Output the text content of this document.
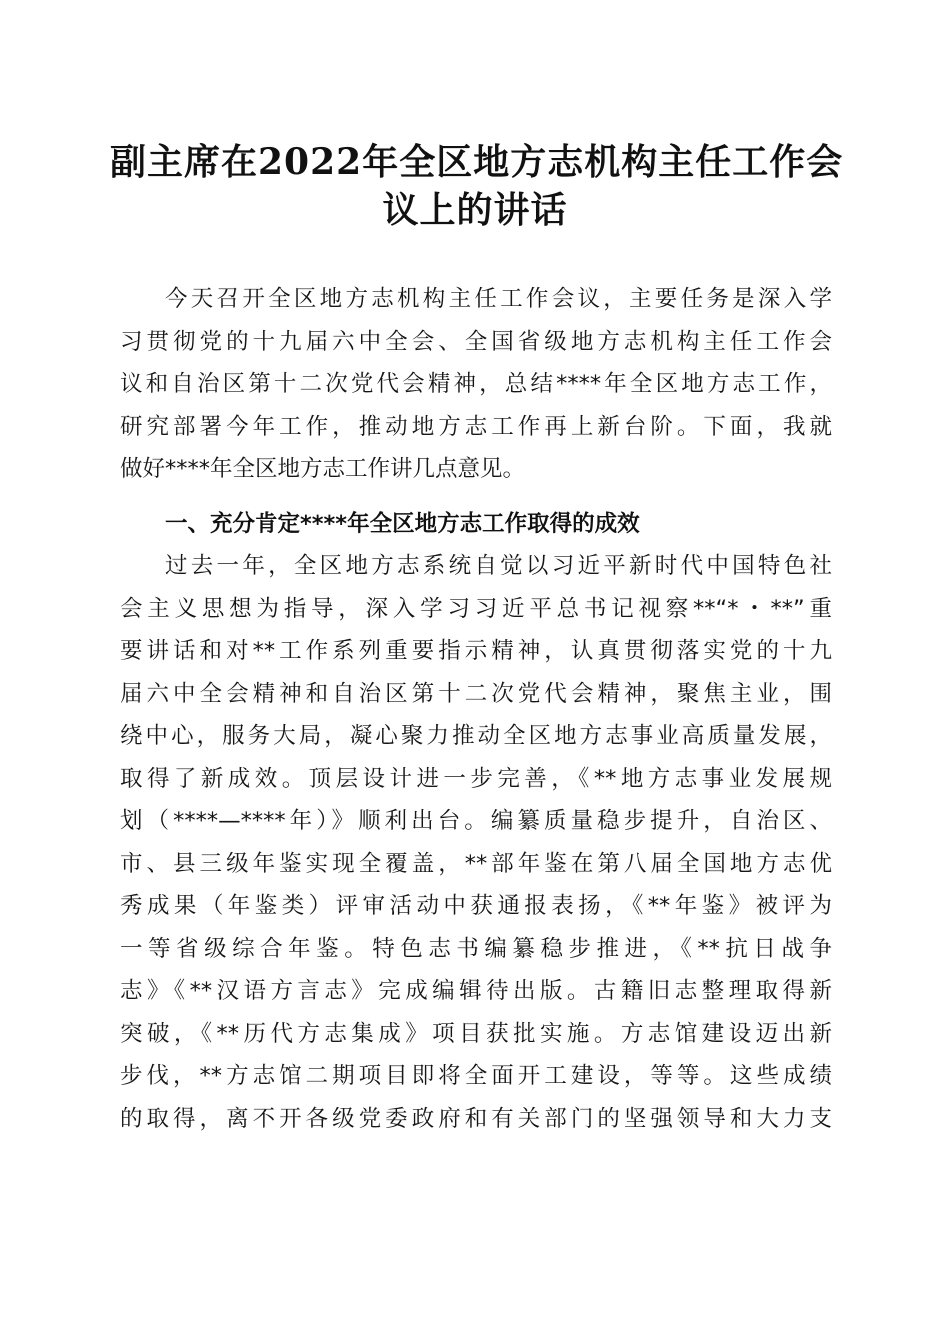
副主席在2022年全区地方志机构主任工作会
议上的讲话
今天召开全区地方志机构主任工作会议，主要任务是深入学
习贯彻党的十九届六中全会、全国省级地方志机构主任工作会
议和自治区第十二次党代会精神，总结****年全区地方志工作，
研究部署今年工作，推动地方志工作再上新台阶。下面，我就
做好****年全区地方志工作讲几点意见。
一、充分肯定****年全区地方志工作取得的成效
过去一年，全区地方志系统自觉以习近平新时代中国特色社
会主义思想为指导，深入学习习近平总书记视察**“*・**”重
要讲话和对**工作系列重要指示精神，认真贯彻落实党的十九
届六中全会精神和自治区第十二次党代会精神，聚焦主业，围
绕中心，服务大局，凝心聚力推动全区地方志事业高质量发展，
取得了新成效。顶层设计进一步完善，《**地方志事业发展规
划（****—****年）》顺利出台。编纂质量稳步提升，自治区、
市、县三级年鉴实现全覆盖，**部年鉴在第八届全国地方志优
秀成果（年鉴类）评审活动中获通报表扬，《**年鉴》被评为
一等省级综合年鉴。特色志书编纂稳步推进，《**抗日战争
志》《**汉语方言志》完成编辑待出版。古籍旧志整理取得新
突破，《**历代方志集成》项目获批实施。方志馆建设迈出新
步伐，**方志馆二期项目即将全面开工建设，等等。这些成绩
的取得，离不开各级党委政府和有关部门的坚强领导和大力支
